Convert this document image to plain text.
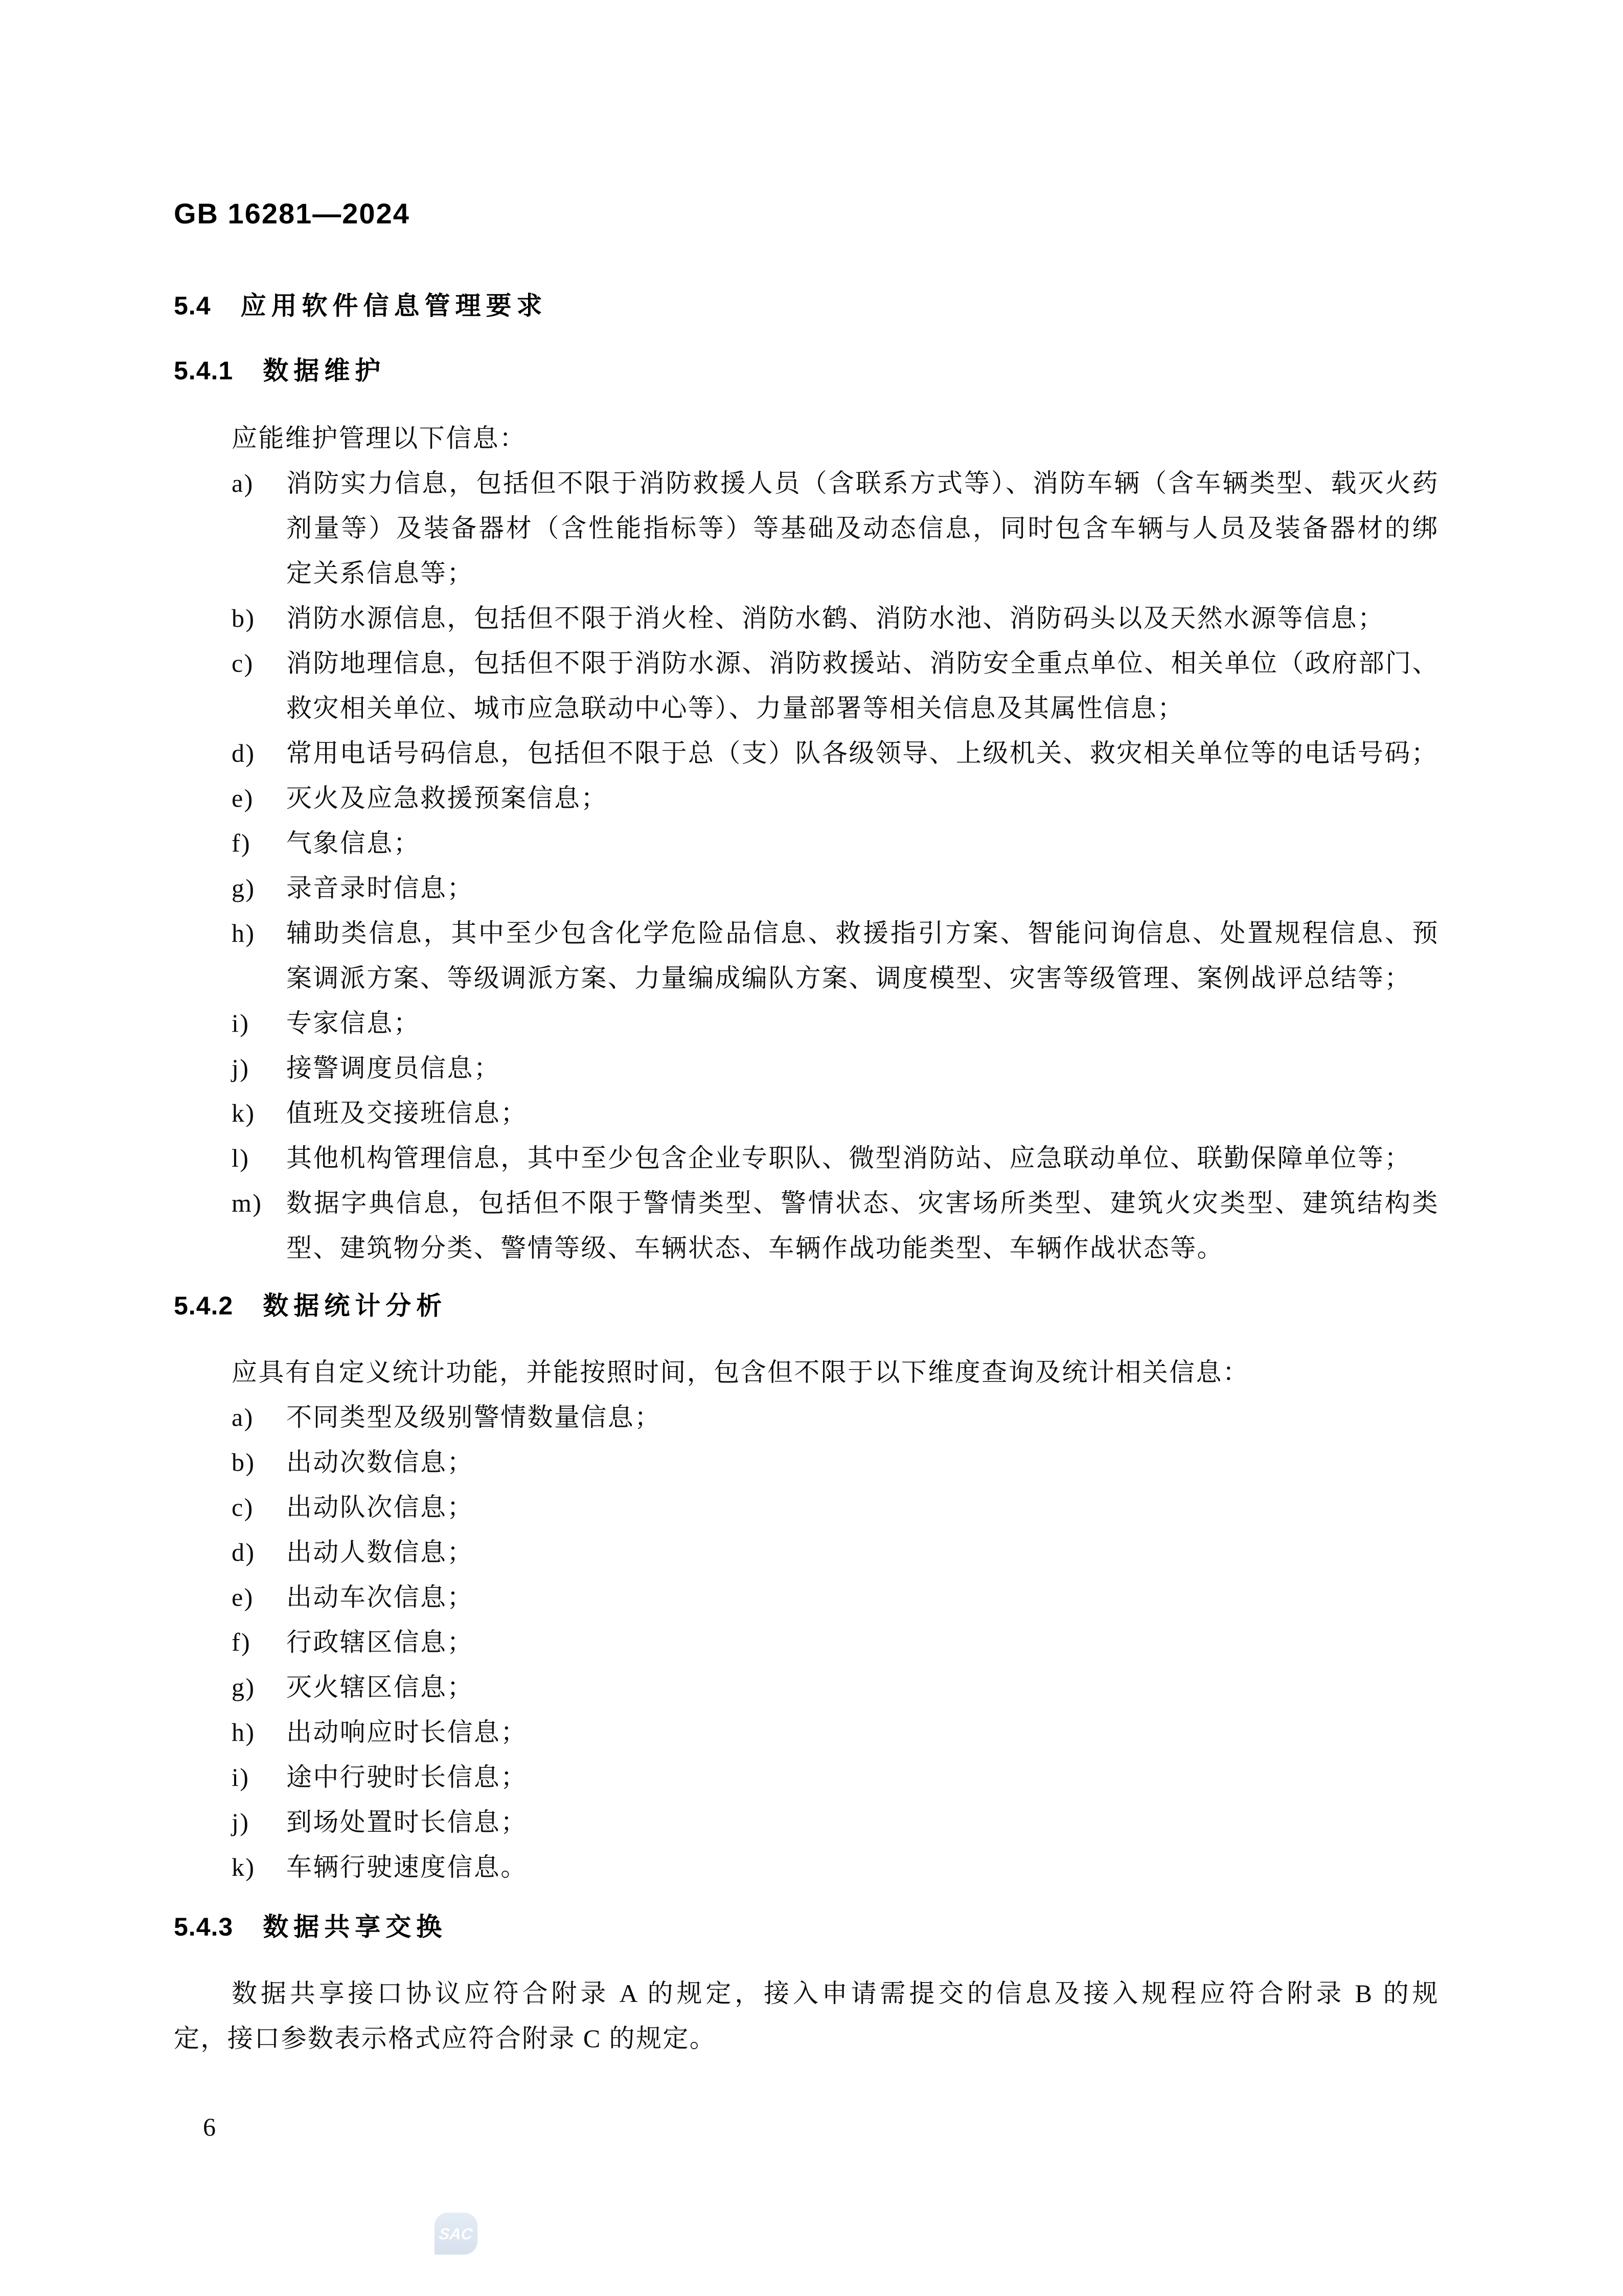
GB 16281—2024
5.4 应用软件信息管理要求
5.4.1 数据维护
应能维护管理以下信息：
a)	消防实力信息，包括但不限于消防救援人员（含联系方式等）、消防车辆（含车辆类型、载灭火药
剂量等）及装备器材（含性能指标等）等基础及动态信息，同时包含车辆与人员及装备器材的绑
定关系信息等；
b)	消防水源信息，包括但不限于消火栓、消防水鹤、消防水池、消防码头以及天然水源等信息；
c)	消防地理信息，包括但不限于消防水源、消防救援站、消防安全重点单位、相关单位（政府部门、
救灾相关单位、城市应急联动中心等）、力量部署等相关信息及其属性信息；
d)	常用电话号码信息，包括但不限于总（支）队各级领导、上级机关、救灾相关单位等的电话号码；
e)	灭火及应急救援预案信息；
f)	气象信息；
g)	录音录时信息；
h)	辅助类信息，其中至少包含化学危险品信息、救援指引方案、智能问询信息、处置规程信息、预
案调派方案、等级调派方案、力量编成编队方案、调度模型、灾害等级管理、案例战评总结等；
i)	专家信息；
j)	接警调度员信息；
k)	值班及交接班信息；
l)	其他机构管理信息，其中至少包含企业专职队、微型消防站、应急联动单位、联勤保障单位等；
m) 数据字典信息，包括但不限于警情类型、警情状态、灾害场所类型、建筑火灾类型、建筑结构类
型、建筑物分类、警情等级、车辆状态、车辆作战功能类型、车辆作战状态等。
5.4.2 数据统计分析
应具有自定义统计功能，并能按照时间，包含但不限于以下维度查询及统计相关信息：
a)	不同类型及级别警情数量信息；
b)	出动次数信息；
c)	出动队次信息；
d)	出动人数信息；
e)	出动车次信息；
f)	行政辖区信息；
g)	灭火辖区信息；
h)	出动响应时长信息；
i)	途中行驶时长信息；
j)	到场处置时长信息；
k)	车辆行驶速度信息。
5.4.3 数据共享交换
数据共享接口协议应符合附录 A 的规定，接入申请需提交的信息及接入规程应符合附录 B 的规
定，接口参数表示格式应符合附录 C 的规定。
6
SAC
